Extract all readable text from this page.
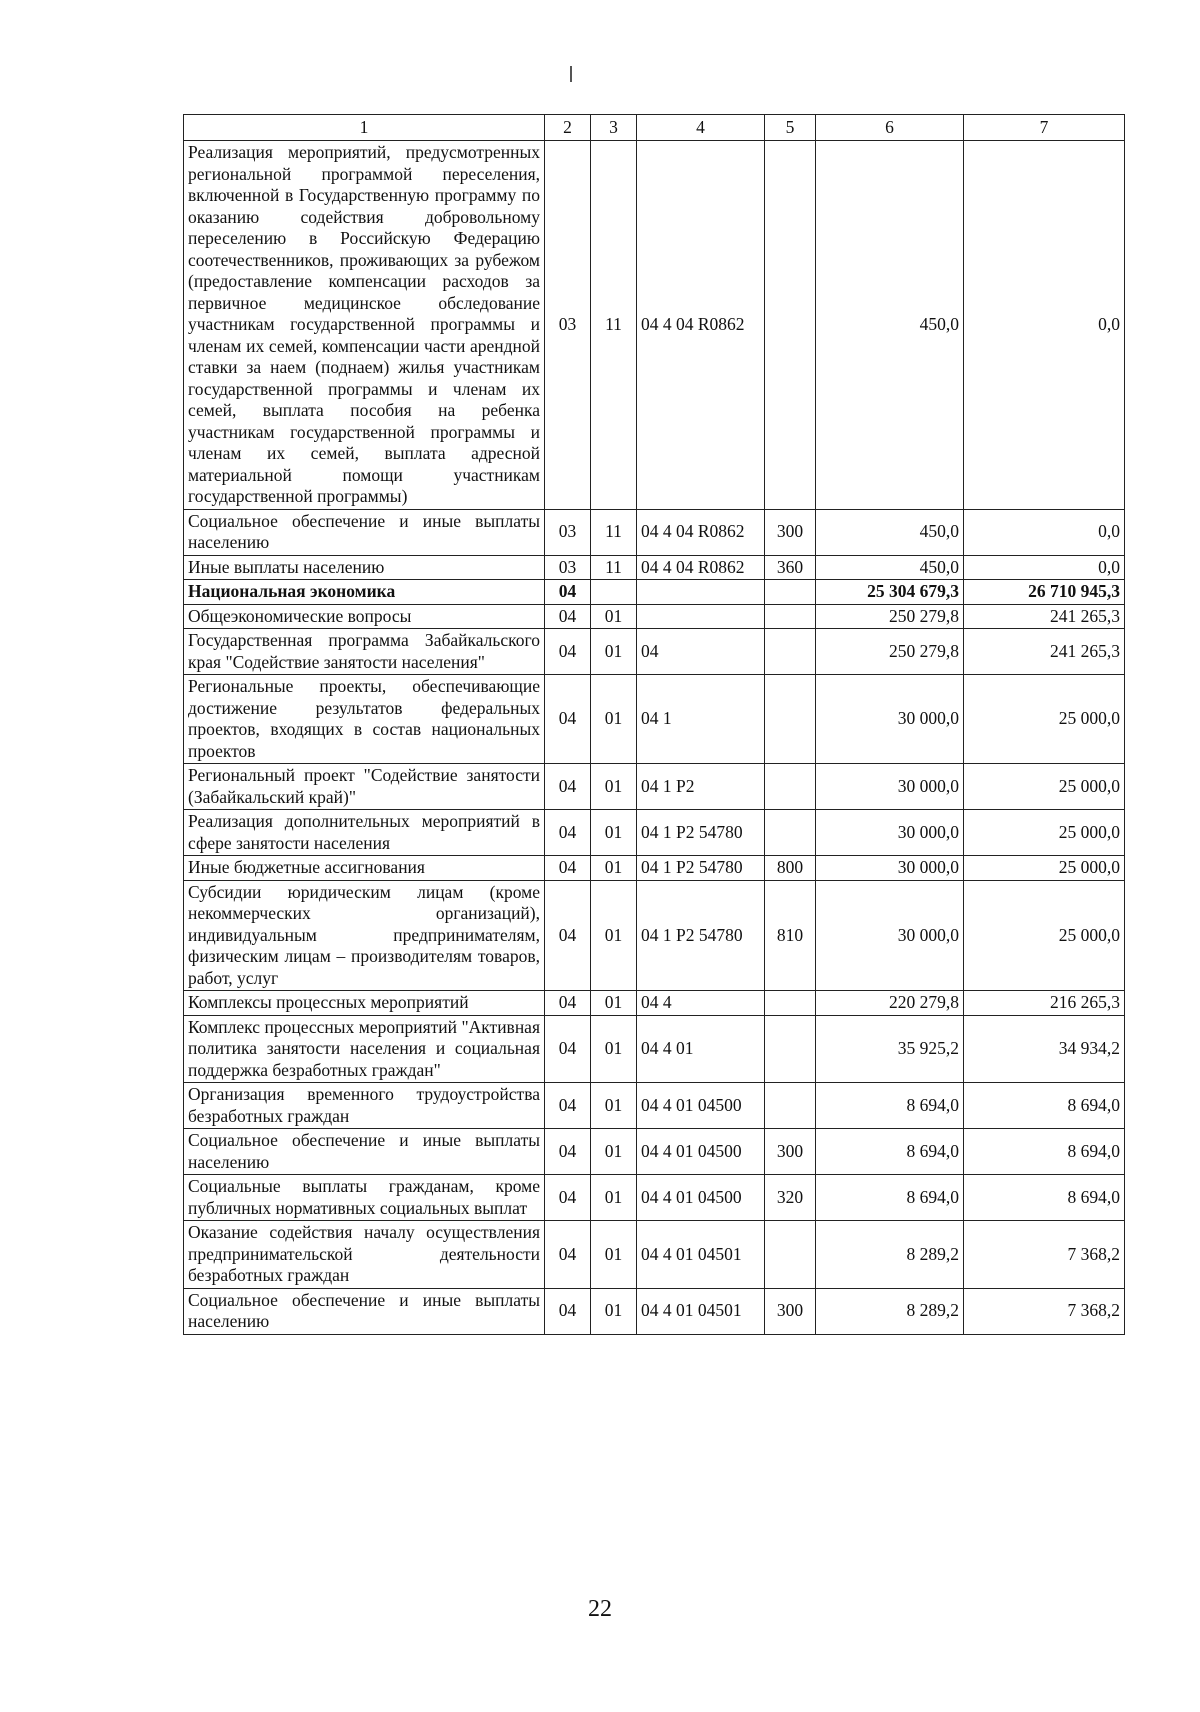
1	2	3	4	5	6	7
Реализация мероприятий, предусмотренных региональной программой переселения, включенной в Государственную программу по оказанию содействия добровольному переселению в Российскую Федерацию соотечественников, проживающих за рубежом (предоставление компенсации расходов за первичное медицинское обследование участникам государственной программы и членам их семей, компенсации части арендной ставки за наем (поднаем) жилья участникам государственной программы и членам их семей, выплата пособия на ребенка участникам государственной программы и членам их семей, выплата адресной материальной помощи участникам государственной программы)	03	11	04 4 04 R0862		450,0	0,0
Социальное обеспечение и иные выплаты населению	03	11	04 4 04 R0862	300	450,0	0,0
Иные выплаты населению	03	11	04 4 04 R0862	360	450,0	0,0
Национальная экономика	04				25 304 679,3	26 710 945,3
Общеэкономические вопросы	04	01			250 279,8	241 265,3
Государственная программа Забайкальского края "Содействие занятости населения"	04	01	04		250 279,8	241 265,3
Региональные проекты, обеспечивающие достижение результатов федеральных проектов, входящих в состав национальных проектов	04	01	04 1		30 000,0	25 000,0
Региональный проект "Содействие занятости (Забайкальский край)"	04	01	04 1 P2		30 000,0	25 000,0
Реализация дополнительных мероприятий в сфере занятости населения	04	01	04 1 P2 54780		30 000,0	25 000,0
Иные бюджетные ассигнования	04	01	04 1 P2 54780	800	30 000,0	25 000,0
Субсидии юридическим лицам (кроме некоммерческих организаций), индивидуальным предпринимателям, физическим лицам – производителям товаров, работ, услуг	04	01	04 1 P2 54780	810	30 000,0	25 000,0
Комплексы процессных мероприятий	04	01	04 4		220 279,8	216 265,3
Комплекс процессных мероприятий "Активная политика занятости населения и социальная поддержка безработных граждан"	04	01	04 4 01		35 925,2	34 934,2
Организация временного трудоустройства безработных граждан	04	01	04 4 01 04500		8 694,0	8 694,0
Социальное обеспечение и иные выплаты населению	04	01	04 4 01 04500	300	8 694,0	8 694,0
Социальные выплаты гражданам, кроме публичных нормативных социальных выплат	04	01	04 4 01 04500	320	8 694,0	8 694,0
Оказание содействия началу осуществления предпринимательской деятельности безработных граждан	04	01	04 4 01 04501		8 289,2	7 368,2
Социальное обеспечение и иные выплаты населению	04	01	04 4 01 04501	300	8 289,2	7 368,2
22
